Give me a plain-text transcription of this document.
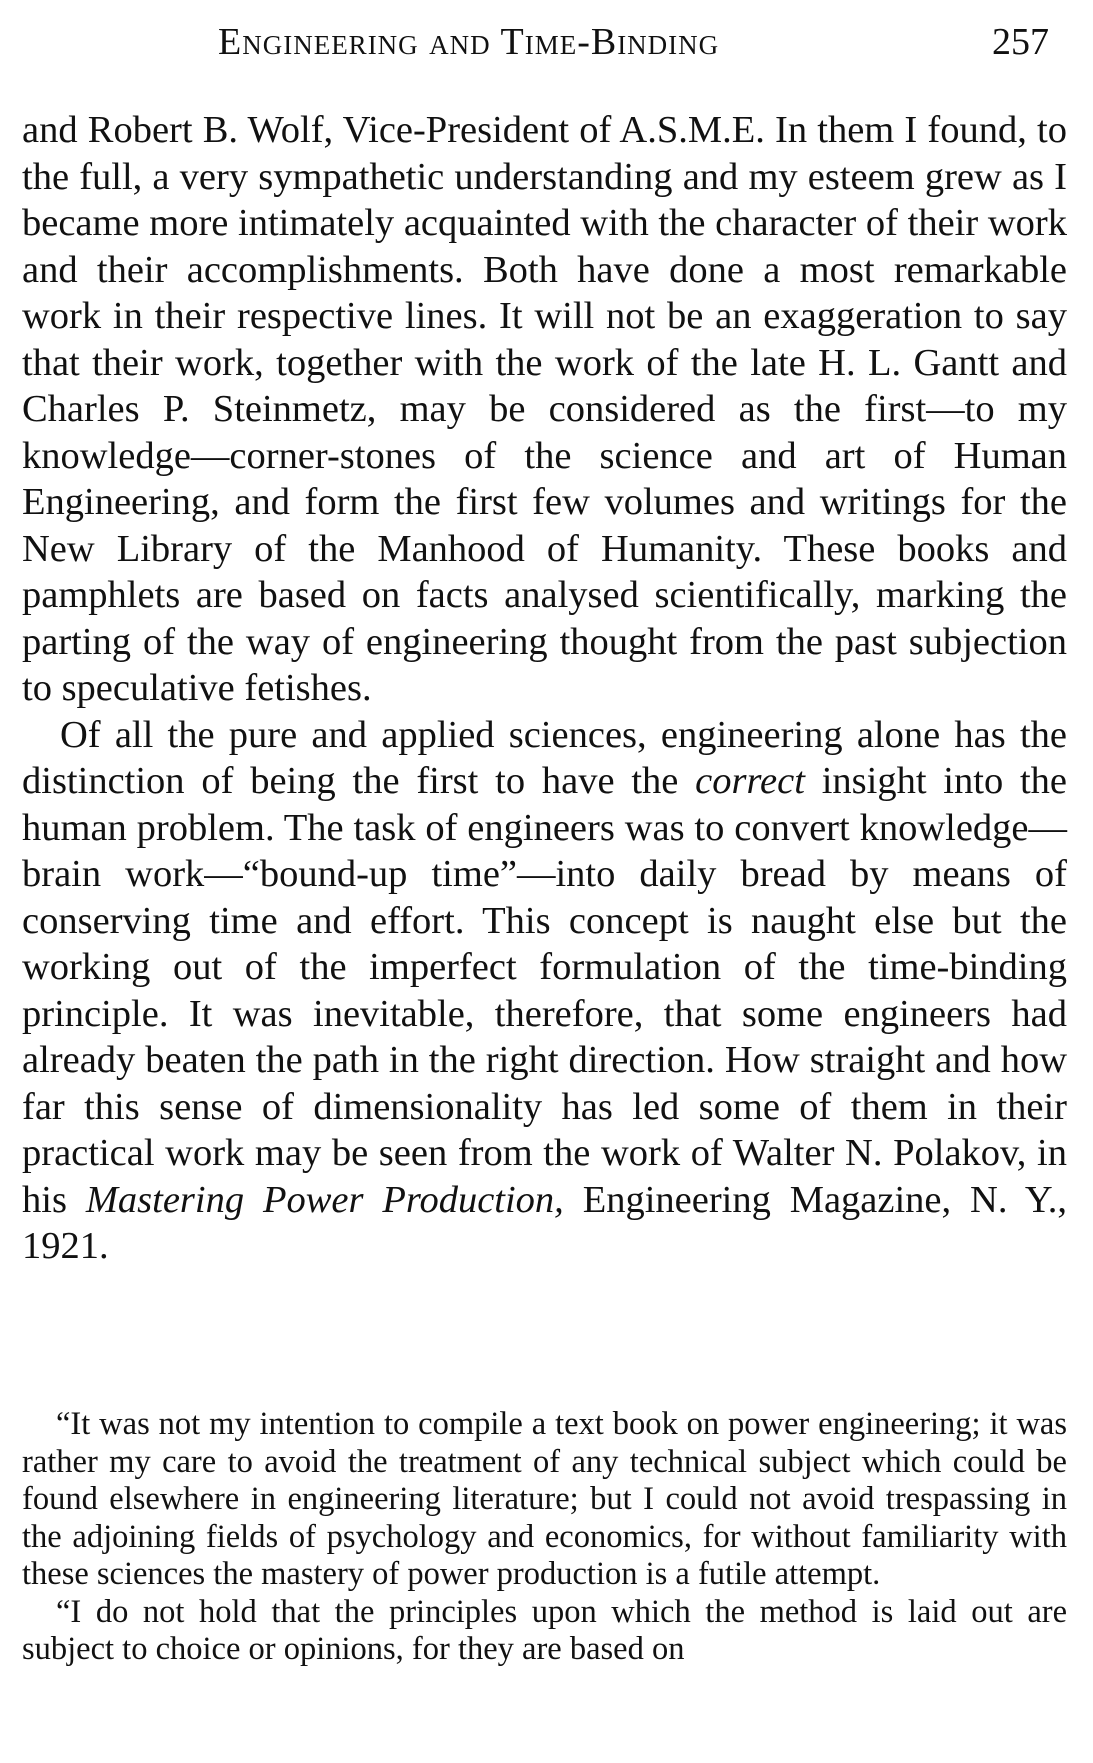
Engineering and Time-Binding	257

and Robert B. Wolf, Vice-President of A.S.M.E. In them I found, to the full, a very sympathetic understanding and my esteem grew as I became more intimately acquainted with the character of their work and their accomplishments. Both have done a most remarkable work in their respective lines. It will not be an exaggeration to say that their work, together with the work of the late H. L. Gantt and Charles P. Steinmetz, may be considered as the first—to my knowledge—corner-stones of the science and art of Human Engineering, and form the first few volumes and writings for the New Library of the Manhood of Humanity. These books and pamphlets are based on facts analysed scientifically, marking the parting of the way of engineering thought from the past subjection to speculative fetishes.

Of all the pure and applied sciences, engineering alone has the distinction of being the first to have the correct insight into the human problem. The task of engineers was to convert knowledge—brain work—“bound-up time”—into daily bread by means of conserving time and effort. This concept is naught else but the working out of the imperfect formulation of the time-binding principle. It was inevitable, therefore, that some engineers had already beaten the path in the right direction. How straight and how far this sense of dimensionality has led some of them in their practical work may be seen from the work of Walter N. Polakov, in his Mastering Power Production, Engineering Magazine, N. Y., 1921.

“It was not my intention to compile a text book on power engineering; it was rather my care to avoid the treatment of any technical subject which could be found elsewhere in engineering literature; but I could not avoid trespassing in the adjoining fields of psychology and economics, for without familiarity with these sciences the mastery of power production is a futile attempt.

“I do not hold that the principles upon which the method is laid out are subject to choice or opinions, for they are based on
